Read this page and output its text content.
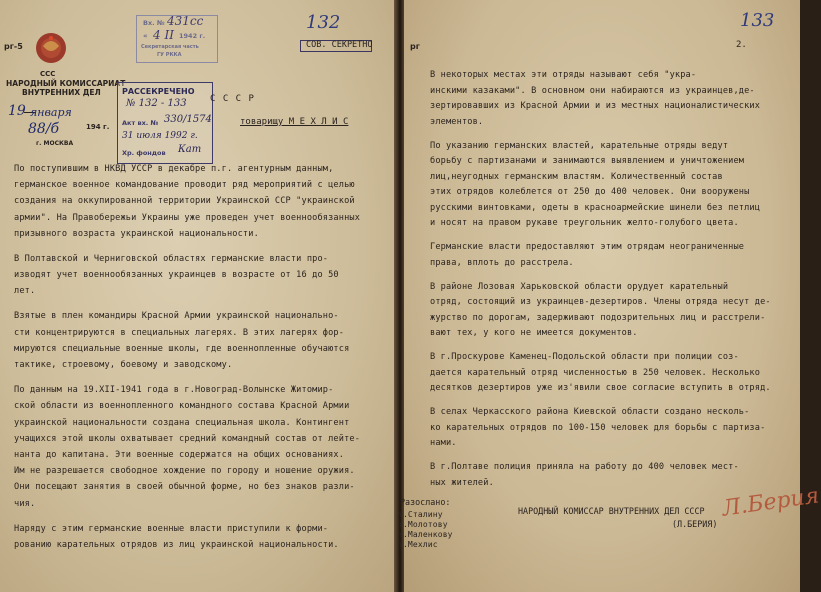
рг-5
ССС
НАРОДНЫЙ КОМИССАРИАТ
ВНУТРЕННИХ ДЕЛ
19 января
88/б	194 г.
г. МОСКВА
Вх. № 431сс
« 4 II 1942 г.
Секретарская часть
ГУ РККА
132
СОВ. СЕКРЕТНО
РАССЕКРЕЧЕНО
№ 132 - 133
Акт вх. № 330/1574
31 июля 1992 г.
Хр. фондов Кат
С С С Р
товарищу М Е Х Л И С
По поступившим в НКВД УССР в декабре п.г. агентурным данным,
германское военное командование проводит ряд мероприятий с целью
создания на оккупированной территории Украинской ССР "украинской
армии". На Правобережьи Украины уже проведен учет военнообязанных
призывного возраста украинской национальности.
В Полтавской и Черниговской областях германские власти про-
изводят учет военнообязанных украинцев в возрасте от 16 до 50
лет.
Взятые в плен командиры Красной Армии украинской национально-
сти концентрируются в специальных лагерях. В этих лагерях фор-
мируются специальные военные школы, где военнопленные обучаются
тактике, строевому, боевому и заводскому.
По данным на 19.XII-1941 года в г.Новоград-Волынске Житомир-
ской области из военнопленного командного состава Красной Армии
украинской национальности создана специальная школа. Контингент
учащихся этой школы охватывает средний командный состав от лейте-
нанта до капитана. Эти военные содержатся на общих основаниях.
Им не разрешается свободное хождение по городу и ношение оружия.
Они посещают занятия в своей обычной форме, но без знаков разли-
чия.
Наряду с этим германские военные власти приступили к форми-
рованию карательных отрядов из лиц украинской национальности.
рг
133
2.
В некоторых местах эти отряды называют себя "укра-
инскими казаками". В основном они набираются из украинцев,де-
зертировавших из Красной Армии и из местных националистических
элементов.
По указанию германских властей, карательные отряды ведут
борьбу с партизанами и занимаются выявлением и уничтожением
лиц,неугодных германским властям. Количественный состав
этих отрядов колеблется от 250 до 400 человек. Они вооружены
русскими винтовками, одеты в красноармейские шинели без петлиц
и носят на правом рукаве треугольник желто-голубого цвета.
Германские власти предоставляют этим отрядам неограниченные
права, вплоть до расстрела.
В районе Лозовая Харьковской области орудует карательный
отряд, состоящий из украинцев-дезертиров. Члены отряда несут де-
журство по дорогам, задерживают подозрительных лиц и расстрели-
вают тех, у кого не имеется документов.
В г.Проскурове Каменец-Подольской области при полиции соз-
дается карательный отряд численностью в 250 человек. Несколько
десятков дезертиров уже из'явили свое согласие вступить в отряд.
В селах Черкасского района Киевской области создано несколь-
ко карательных отрядов по 100-150 человек для борьбы с партиза-
нами.
В г.Полтаве полиция приняла на работу до 400 человек мест-
ных жителей.
Разослано:
т.Сталину
т.Молотову
т.Маленкову
т.Мехлис
НАРОДНЫЙ КОМИССАР ВНУТРЕННИХ ДЕЛ СССР
(Л.БЕРИЯ)
Л.Берия
